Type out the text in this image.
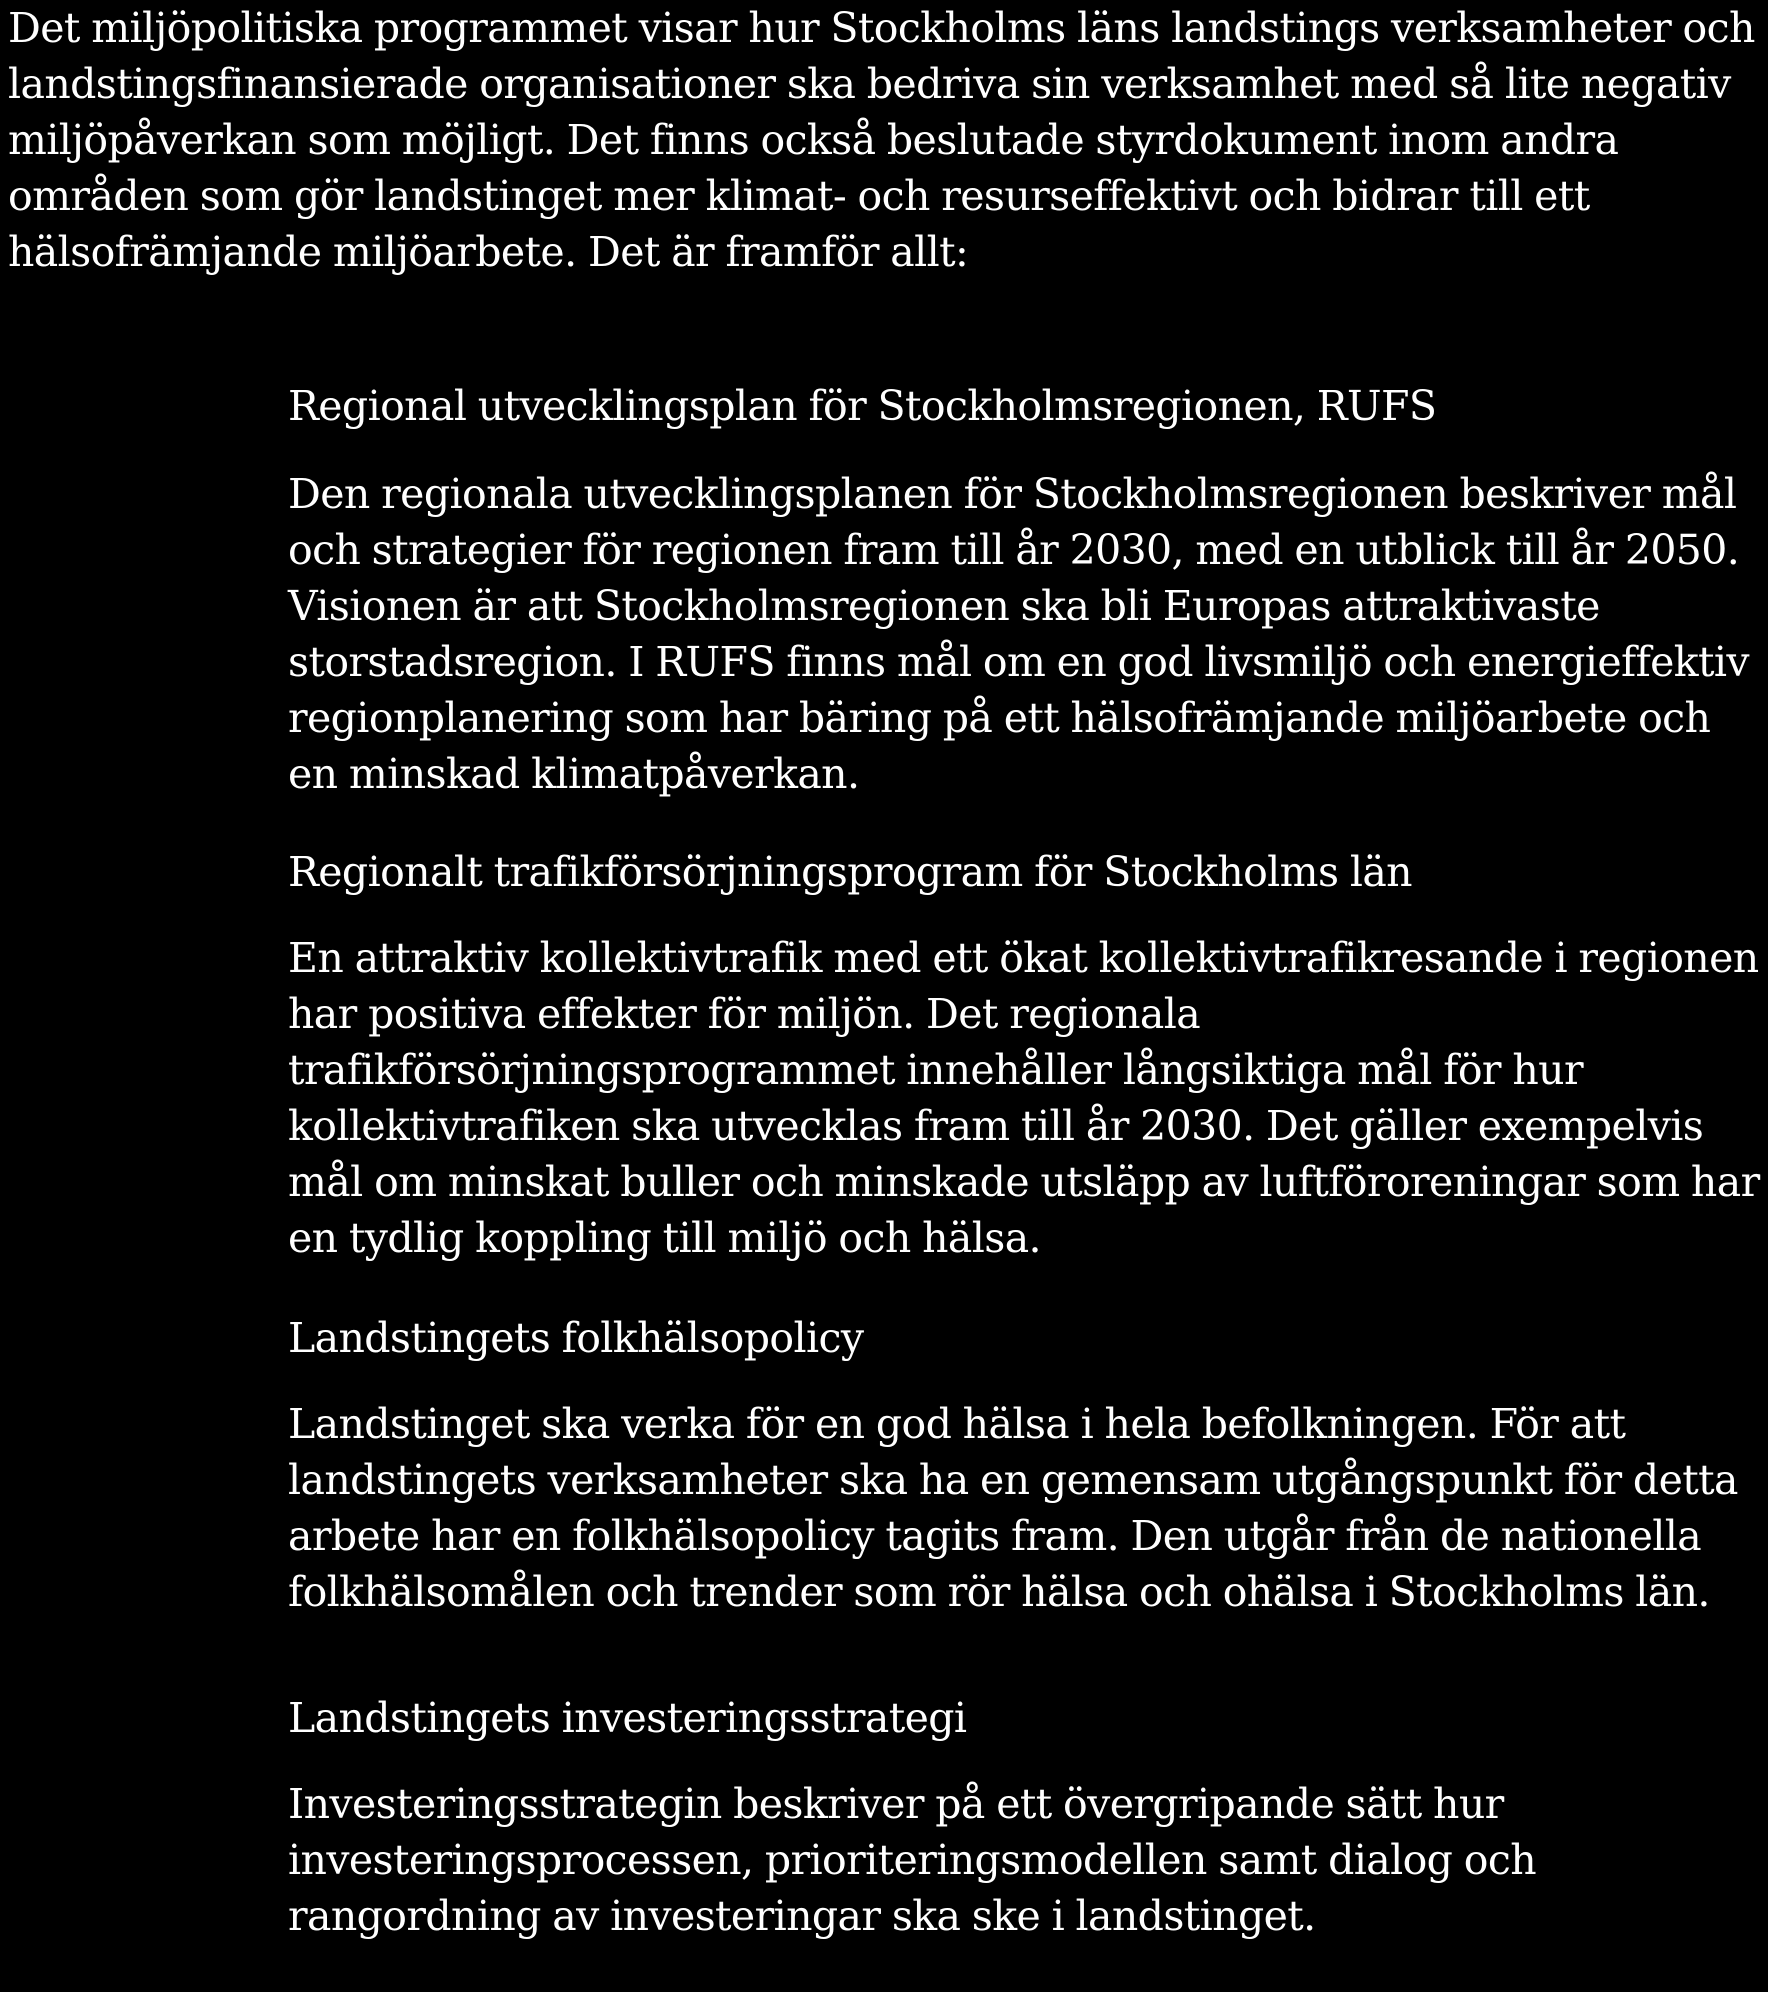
Det miljöpolitiska programmet visar hur Stockholms läns landstings verksamheter och landstingsfinansierade organisationer ska bedriva sin verksamhet med så lite negativ miljöpåverkan som möjligt. Det finns också beslutade styrdokument inom andra områden som gör landstinget mer klimat- och resurseffektivt och bidrar till ett hälsofrämjande miljöarbete. Det är framför allt:

Regional utvecklingsplan för Stockholmsregionen, RUFS

Den regionala utvecklingsplanen för Stockholmsregionen beskriver mål och strategier för regionen fram till år 2030, med en utblick till år 2050. Visionen är att Stockholmsregionen ska bli Europas attraktivaste storstadsregion. I RUFS finns mål om en god livsmiljö och energieffektiv regionplanering som har bäring på ett hälsofrämjande miljöarbete och en minskad klimatpåverkan.

Regionalt trafikförsörjningsprogram för Stockholms län

En attraktiv kollektivtrafik med ett ökat kollektivtrafikresande i regionen har positiva effekter för miljön. Det regionala trafikförsörjningsprogrammet innehåller långsiktiga mål för hur kollektivtrafiken ska utvecklas fram till år 2030. Det gäller exempelvis mål om minskat buller och minskade utsläpp av luftföroreningar som har en tydlig koppling till miljö och hälsa.

Landstingets folkhälsopolicy

Landstinget ska verka för en god hälsa i hela befolkningen. För att landstingets verksamheter ska ha en gemensam utgångspunkt för detta arbete har en folkhälsopolicy tagits fram. Den utgår från de nationella folkhälsomålen och trender som rör hälsa och ohälsa i Stockholms län.

Landstingets investeringsstrategi

Investeringsstrategin beskriver på ett övergripande sätt hur investeringsprocessen, prioriteringsmodellen samt dialog och rangordning av investeringar ska ske i landstinget.
